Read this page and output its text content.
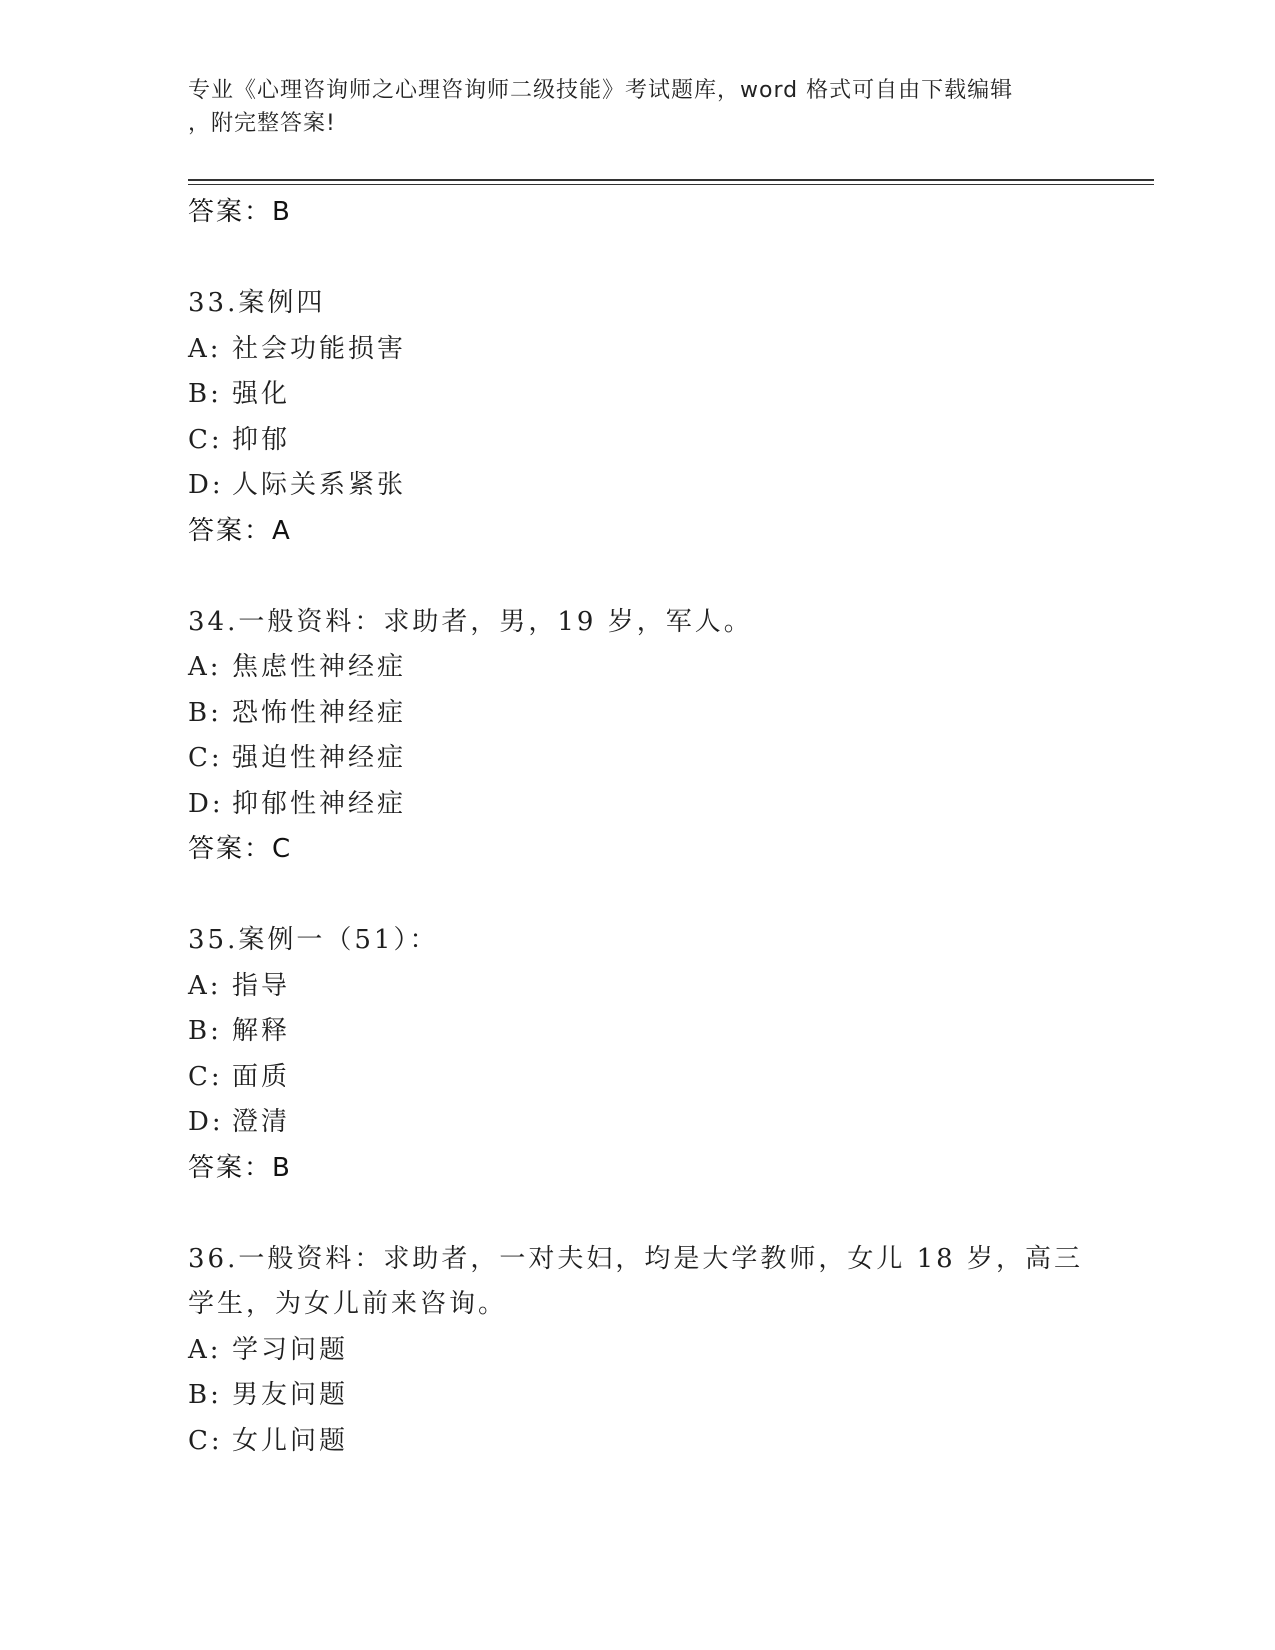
专业《心理咨询师之心理咨询师二级技能》考试题库，word 格式可自由下载编辑
，附完整答案!
答案：B
33.案例四
A: 社会功能损害
B: 强化
C: 抑郁
D: 人际关系紧张
答案：A
34.一般资料：求助者，男，19 岁，军人。
A: 焦虑性神经症
B: 恐怖性神经症
C: 强迫性神经症
D: 抑郁性神经症
答案：C
35.案例一（51）：
A: 指导
B: 解释
C: 面质
D: 澄清
答案：B
36.一般资料：求助者，一对夫妇，均是大学教师，女儿 18 岁，高三
学生，为女儿前来咨询。
A: 学习问题
B: 男友问题
C: 女儿问题
